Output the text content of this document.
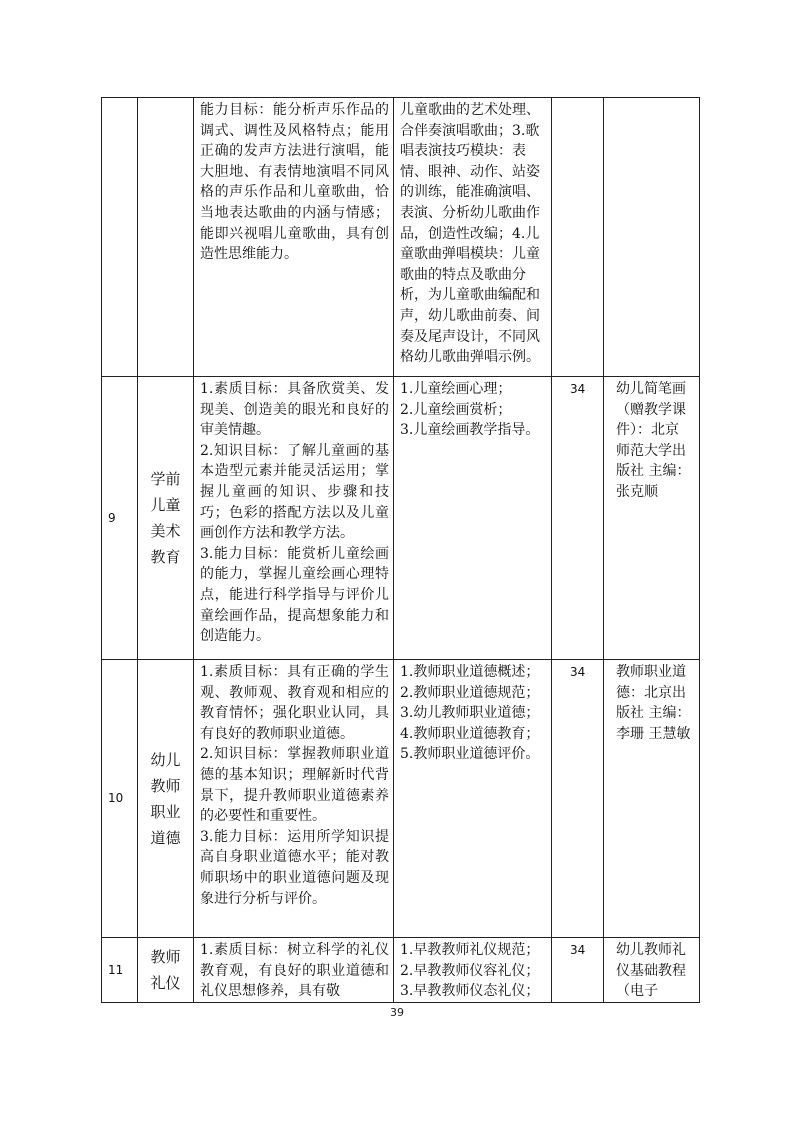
		能力目标：能分析声乐作品的调式、调性及风格特点；能用正确的发声方法进行演唱，能大胆地、有表情地演唱不同风格的声乐作品和儿童歌曲，恰当地表达歌曲的内涵与情感；能即兴视唱儿童歌曲，具有创造性思维能力。	儿童歌曲的艺术处理、合伴奏演唱歌曲；3.歌唱表演技巧模块：表情、眼神、动作、站姿的训练，能准确演唱、表演、分析幼儿歌曲作品，创造性改编；4.儿童歌曲弹唱模块：儿童歌曲的特点及歌曲分析，为儿童歌曲编配和声，幼儿歌曲前奏、间奏及尾声设计，不同风格幼儿歌曲弹唱示例。		

9	学前儿童美术教育	1.素质目标：具备欣赏美、发现美、创造美的眼光和良好的审美情趣。
2.知识目标：了解儿童画的基本造型元素并能灵活运用；掌握儿童画的知识、步骤和技巧；色彩的搭配方法以及儿童画创作方法和教学方法。
3.能力目标：能赏析儿童绘画的能力，掌握儿童绘画心理特点，能进行科学指导与评价儿童绘画作品，提高想象能力和创造能力。	1.儿童绘画心理；
2.儿童绘画赏析；
3.儿童绘画教学指导。	34	幼儿简笔画（赠教学课件）：北京师范大学出版社 主编：张克顺

10	幼儿教师职业道德	1.素质目标：具有正确的学生观、教师观、教育观和相应的教育情怀；强化职业认同，具有良好的教师职业道德。
2.知识目标：掌握教师职业道德的基本知识；理解新时代背景下，提升教师职业道德素养的必要性和重要性。
3.能力目标：运用所学知识提高自身职业道德水平；能对教师职场中的职业道德问题及现象进行分析与评价。	1.教师职业道德概述；
2.教师职业道德规范；
3.幼儿教师职业道德；
4.教师职业道德教育；
5.教师职业道德评价。	34	教师职业道德：北京出版社 主编：李珊 王慧敏

11	教师礼仪	1.素质目标：树立科学的礼仪教育观，有良好的职业道德和礼仪思想修养，具有敬	1.早教教师礼仪规范；
2.早教教师仪容礼仪；
3.早教教师仪态礼仪；	34	幼儿教师礼仪基础教程（电子
39
